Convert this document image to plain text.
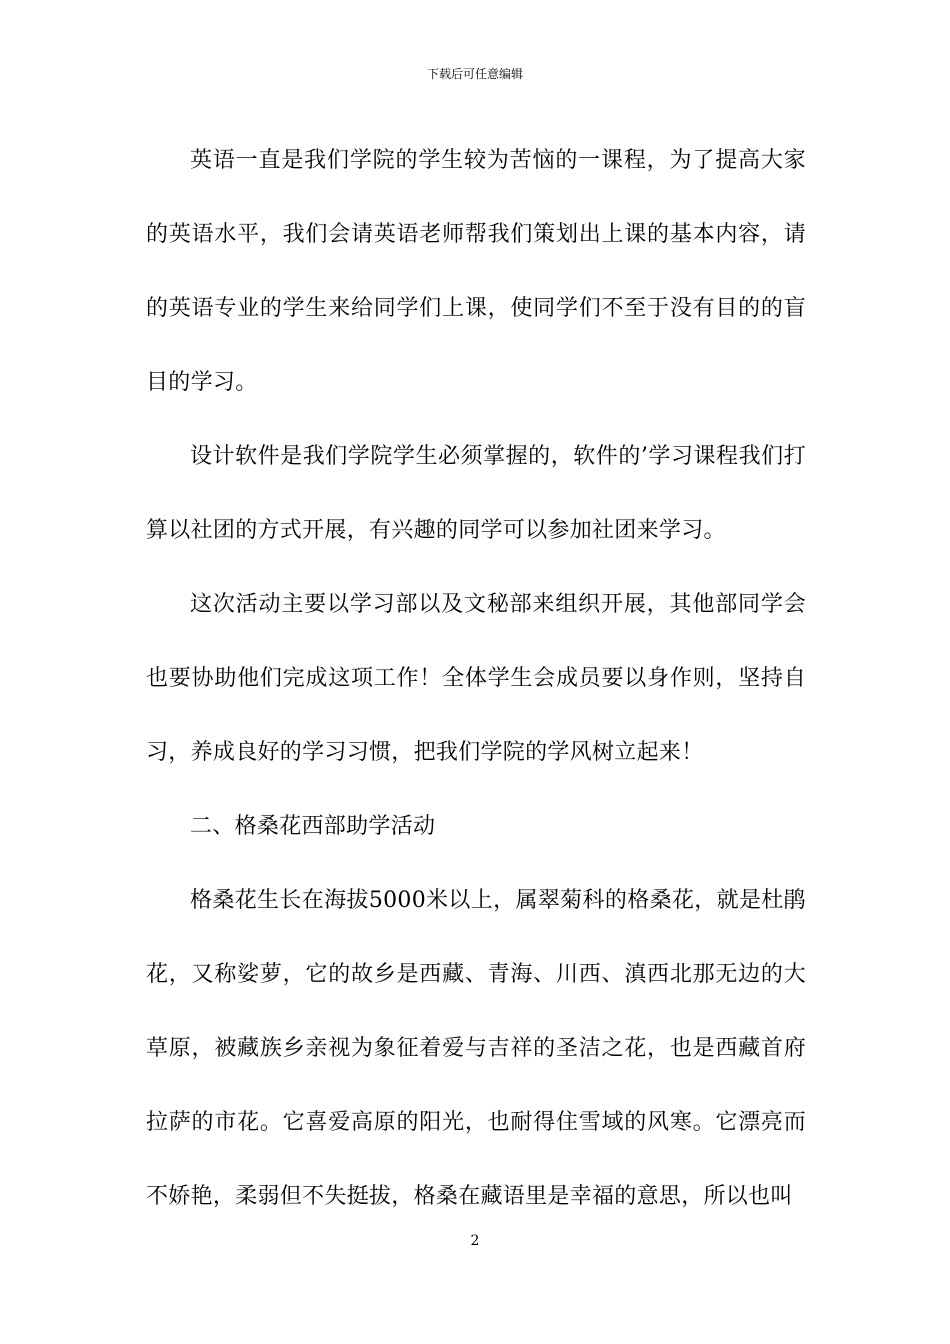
下载后可任意编辑

英语一直是我们学院的学生较为苦恼的一课程，为了提高大家的英语水平，我们会请英语老师帮我们策划出上课的基本内容，请的英语专业的学生来给同学们上课，使同学们不至于没有目的的盲目的学习。

设计软件是我们学院学生必须掌握的，软件的’学习课程我们打算以社团的方式开展，有兴趣的同学可以参加社团来学习。

这次活动主要以学习部以及文秘部来组织开展，其他部同学会也要协助他们完成这项工作！全体学生会成员要以身作则，坚持自习，养成良好的学习习惯，把我们学院的学风树立起来！

二、格桑花西部助学活动

格桑花生长在海拔5000米以上，属翠菊科的格桑花，就是杜鹃花，又称娑萝，它的故乡是西藏、青海、川西、滇西北那无边的大草原，被藏族乡亲视为象征着爱与吉祥的圣洁之花，也是西藏首府拉萨的市花。它喜爱高原的阳光，也耐得住雪域的风寒。它漂亮而不娇艳，柔弱但不失挺拔，格桑在藏语里是幸福的意思，所以也叫

2
